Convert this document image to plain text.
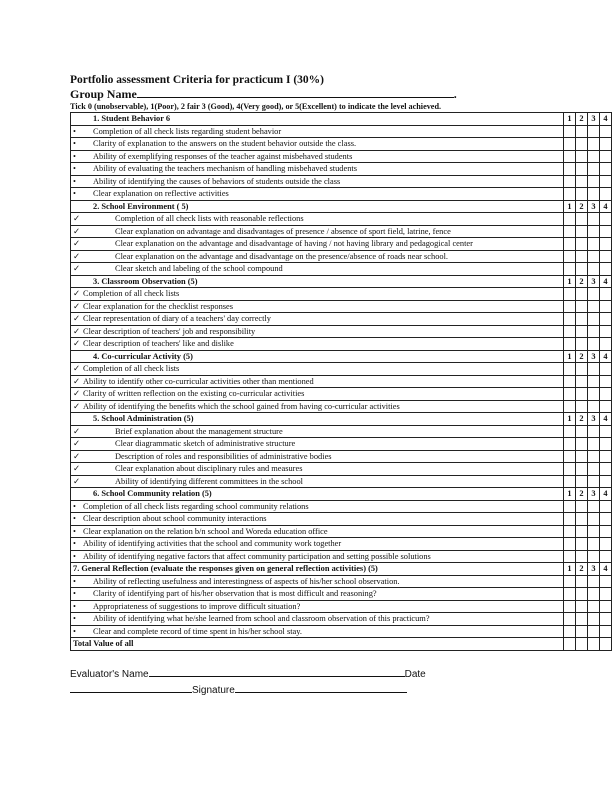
Portfolio assessment Criteria for practicum I (30%)
Group Name	.
Tick 0 (unobservable), 1(Poor), 2 fair 3 (Good), 4(Very good), or 5(Excellent) to indicate the level achieved.
1. Student Behavior 6	1	2	3	4
• Completion of all check lists regarding student behavior				
• Clarity of explanation to the answers on the student behavior outside the class.				
• Ability of exemplifying responses of the teacher against misbehaved students				
• Ability of evaluating the teachers mechanism of handling misbehaved students				
• Ability of identifying the causes of behaviors of students outside the class				
• Clear explanation on reflective activities				
2. School Environment ( 5)	1	2	3	4
✓ Completion of all check lists with reasonable reflections				
✓ Clear explanation on advantage and disadvantages of presence / absence of sport field, latrine, fence				
✓ Clear explanation on the advantage and disadvantage of having / not having library and pedagogical center				
✓ Clear explanation on the advantage and disadvantage on the presence/absence of roads near school.				
✓ Clear sketch and labeling of the school compound				
3. Classroom Observation (5)	1	2	3	4
✓ Completion of all check lists				
✓ Clear explanation for the checklist responses				
✓ Clear representation of diary of a teachers' day correctly				
✓ Clear description of teachers' job and responsibility				
✓ Clear description of teachers' like and dislike				
4. Co-curricular Activity (5)	1	2	3	4
✓ Completion of all check lists				
✓ Ability to identify other co-curricular activities other than mentioned				
✓ Clarity of written reflection on the existing co-curricular activities				
✓ Ability of identifying the benefits which the school gained from having co-curricular activities				
5. School Administration (5)	1	2	3	4
✓ Brief explanation about the management structure				
✓ Clear diagrammatic sketch of administrative structure				
✓ Description of roles and responsibilities of administrative bodies				
✓ Clear explanation about disciplinary rules and measures				
✓ Ability of identifying different committees in the school				
6. School Community relation (5)	1	2	3	4
• Completion of all check lists regarding school community relations				
• Clear description about school community interactions				
• Clear explanation on the relation b/n school and Woreda education office				
• Ability of identifying activities that the school and community work together				
• Ability of identifying negative factors that affect community participation and setting possible solutions				
7. General Reflection (evaluate the responses given on general reflection activities) (5)	1	2	3	4
• Ability of reflecting usefulness and interestingness of aspects of his/her school observation.				
• Clarity of identifying part of his/her observation that is most difficult and reasoning?				
• Appropriateness of suggestions to improve difficult situation?				
• Ability of identifying what he/she learned from school and classroom observation of this practicum?				
• Clear and complete record of time spent in his/her school stay.				
Total Value of all				
Evaluator's Name	Date
Signature
